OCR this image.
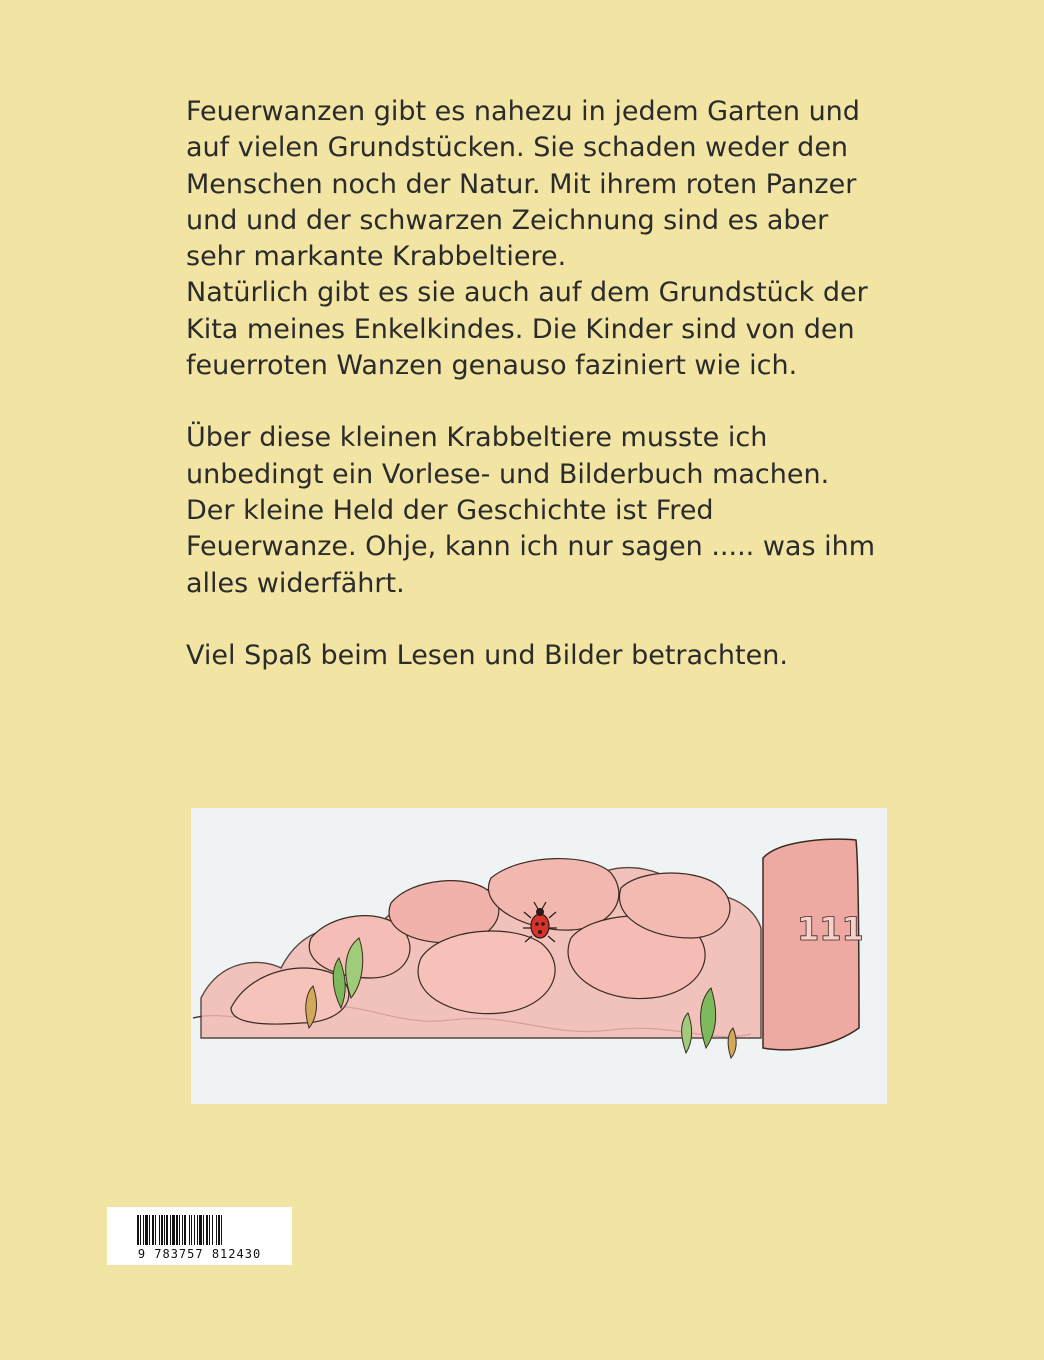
Feuerwanzen gibt es nahezu in jedem Garten und
auf vielen Grundstücken. Sie schaden weder den
Menschen noch der Natur. Mit ihrem roten Panzer
und und der schwarzen Zeichnung sind es aber
sehr markante Krabbeltiere.
Natürlich gibt es sie auch auf dem Grundstück der
Kita meines Enkelkindes. Die Kinder sind von den
feuerroten Wanzen genauso faziniert wie ich.
Über diese kleinen Krabbeltiere musste ich
unbedingt ein Vorlese- und Bilderbuch machen.
Der kleine Held der Geschichte ist Fred
Feuerwanze. Ohje, kann ich nur sagen ..... was ihm
alles widerfährt.
Viel Spaß beim Lesen und Bilder betrachten.
111
9 783757 812430
